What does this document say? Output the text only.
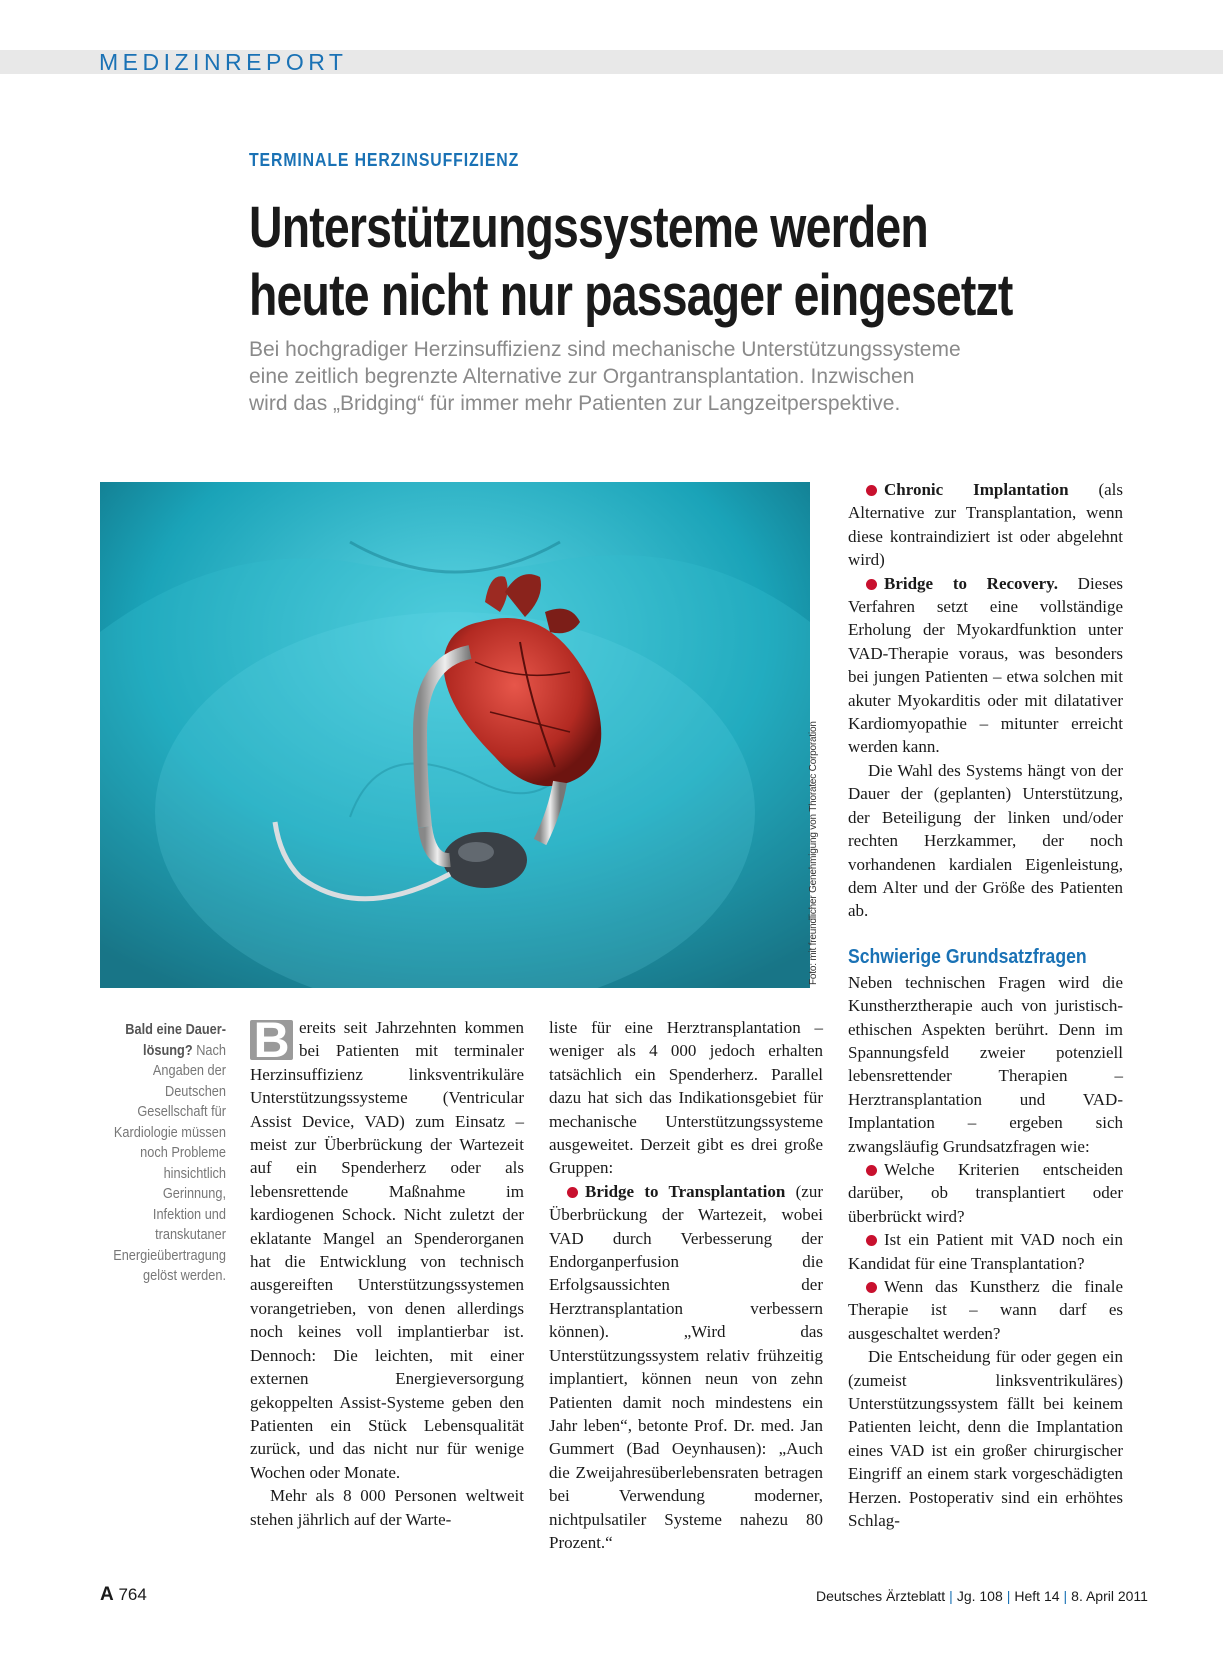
MEDIZINREPORT
TERMINALE HERZINSUFFIZIENZ
Unterstützungssysteme werden
heute nicht nur passager eingesetzt
Bei hochgradiger Herzinsuffizienz sind mechanische Unterstützungssysteme
eine zeitlich begrenzte Alternative zur Organtransplantation. Inzwischen
wird das „Bridging“ für immer mehr Patienten zur Langzeitperspektive.
Foto: mit freundlicher Genehmigung von Thoratec Corporation
Bald eine Dauerlösung? Nach Angaben der Deutschen Gesellschaft für Kardiologie müssen noch Probleme hinsichtlich Gerinnung, Infektion und transkutaner Energieübertragung gelöst werden.

B ereits seit Jahrzehnten kommen bei Patienten mit terminaler Herzinsuffizienz linksventrikuläre Unterstützungssysteme (Ventricular Assist Device, VAD) zum Einsatz – meist zur Überbrückung der Wartezeit auf ein Spenderherz oder als lebensrettende Maßnahme im kardiogenen Schock. Nicht zuletzt der eklatante Mangel an Spenderorganen hat die Entwicklung von technisch ausgereiften Unterstützungssystemen vorangetrieben, von denen allerdings noch keines voll implantierbar ist. Dennoch: Die leichten, mit einer externen Energieversorgung gekoppelten Assist-Systeme geben den Patienten ein Stück Lebensqualität zurück, und das nicht nur für wenige Wochen oder Monate.

Mehr als 8 000 Personen weltweit stehen jährlich auf der Warte-

liste für eine Herztransplantation – weniger als 4 000 jedoch erhalten tatsächlich ein Spenderherz. Parallel dazu hat sich das Indikationsgebiet für mechanische Unterstützungssysteme ausgeweitet. Derzeit gibt es drei große Gruppen:

Bridge to Transplantation (zur Überbrückung der Wartezeit, wobei VAD durch Verbesserung der Endorganperfusion die Erfolgsaussichten der Herztransplantation verbessern können). „Wird das Unterstützungssystem relativ frühzeitig implantiert, können neun von zehn Patienten damit noch mindestens ein Jahr leben“, betonte Prof. Dr. med. Jan Gummert (Bad Oeynhausen): „Auch die Zweijahresüberlebensraten betragen bei Verwendung moderner, nichtpulsatiler Systeme nahezu 80 Prozent.“

Chronic Implantation (als Alternative zur Transplantation, wenn diese kontraindiziert ist oder abgelehnt wird)

Bridge to Recovery. Dieses Verfahren setzt eine vollständige Erholung der Myokardfunktion unter VAD-Therapie voraus, was besonders bei jungen Patienten – etwa solchen mit akuter Myokarditis oder mit dilatativer Kardiomyopathie – mitunter erreicht werden kann.

Die Wahl des Systems hängt von der Dauer der (geplanten) Unterstützung, der Beteiligung der linken und/oder rechten Herzkammer, der noch vorhandenen kardialen Eigenleistung, dem Alter und der Größe des Patienten ab.

Schwierige Grundsatzfragen

Neben technischen Fragen wird die Kunstherztherapie auch von juristisch-ethischen Aspekten berührt. Denn im Spannungsfeld zweier potenziell lebensrettender Therapien – Herztransplantation und VAD-Implantation – ergeben sich zwangsläufig Grundsatzfragen wie:

Welche Kriterien entscheiden darüber, ob transplantiert oder überbrückt wird?

Ist ein Patient mit VAD noch ein Kandidat für eine Transplantation?

Wenn das Kunstherz die finale Therapie ist – wann darf es ausgeschaltet werden?

Die Entscheidung für oder gegen ein (zumeist linksventrikuläres) Unterstützungssystem fällt bei keinem Patienten leicht, denn die Implantation eines VAD ist ein großer chirurgischer Eingriff an einem stark vorgeschädigten Herzen. Postoperativ sind ein erhöhtes Schlag-

A 764	Deutsches Ärzteblatt | Jg. 108 | Heft 14 | 8. April 2011
